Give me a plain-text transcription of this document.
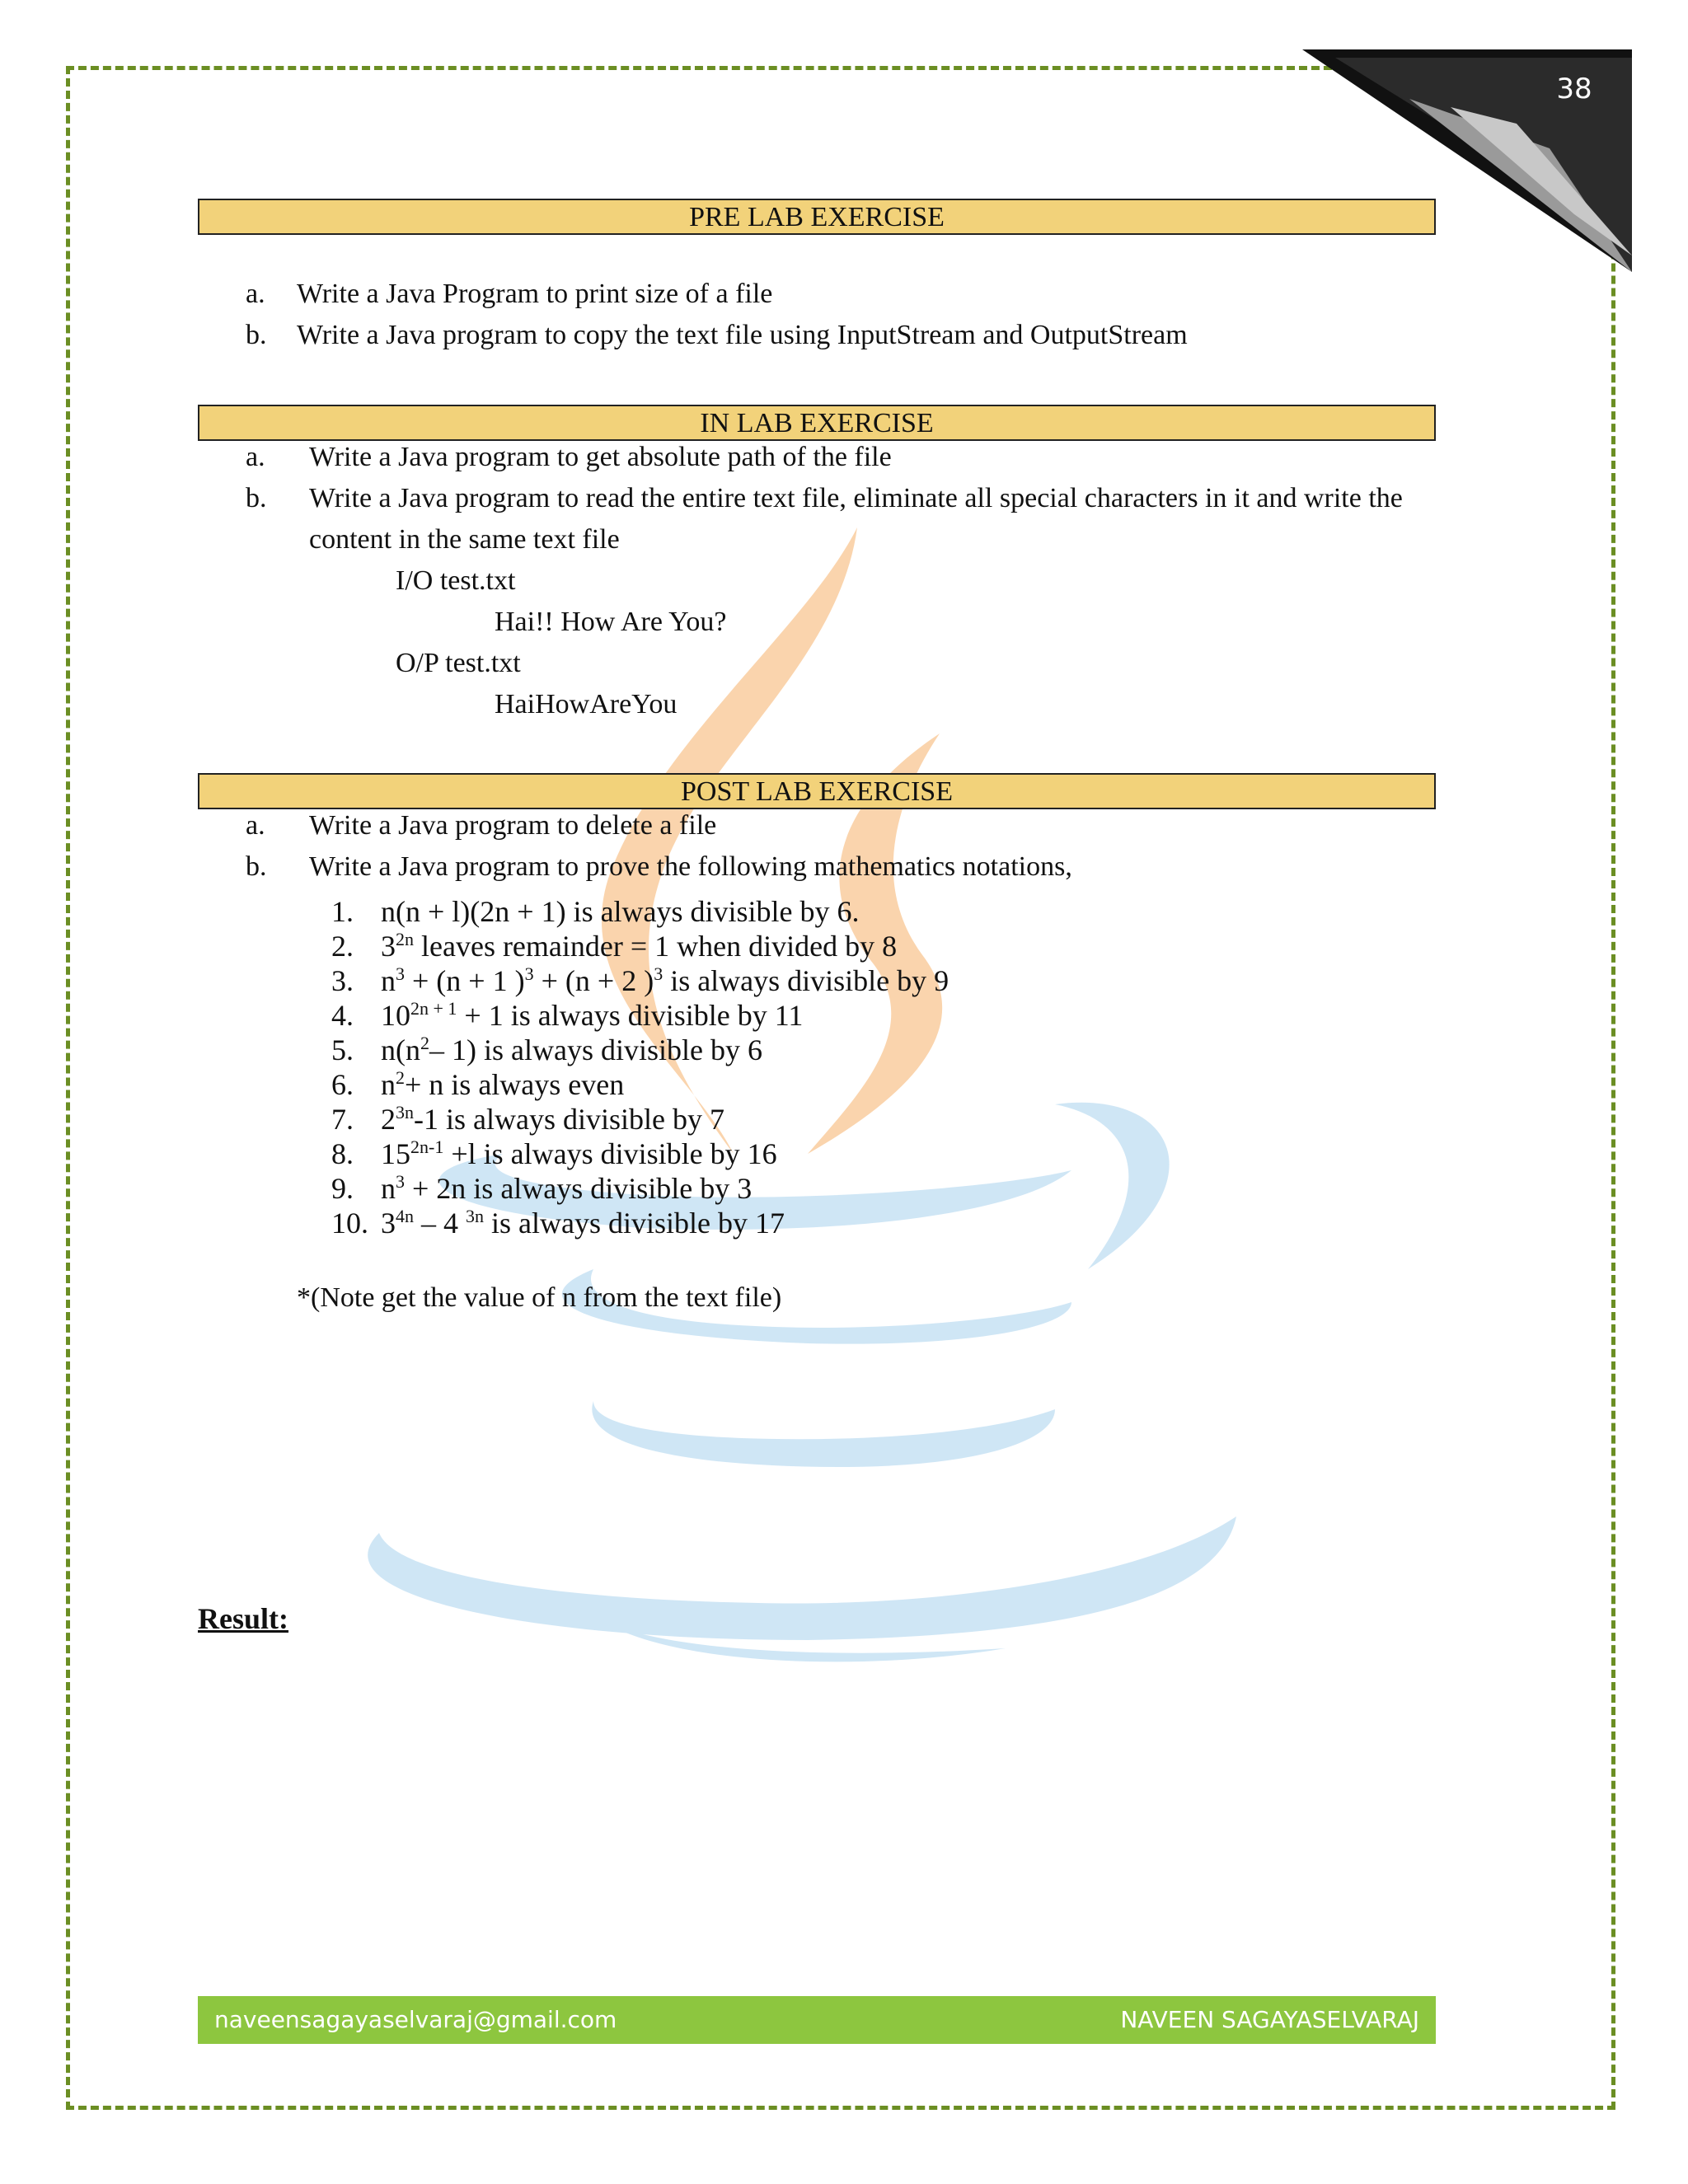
38
PRE LAB EXERCISE
a. Write a Java Program to print size of a file
b. Write a Java program to copy the text file using InputStream and OutputStream
IN LAB EXERCISE
a. Write a Java program to get absolute path of the file
b. Write a Java program to read the entire text file, eliminate all special characters in it and write the
content in the same text file
I/O test.txt
Hai!! How Are You?
O/P test.txt
HaiHowAreYou
POST LAB EXERCISE
a. Write a Java program to delete a file
b. Write a Java program to prove the following mathematics notations,
1. n(n + l)(2n + 1) is always divisible by 6.
2. $3^{2n}$ leaves remainder = 1 when divided by 8
3. $n^3 + (n + 1$ )$^3$ + (n + 2 )$^3$ is always divisible by 9
4. $10^{2n + 1} + 1$ is always divisible by 11
5. $n(n^2-$ 1) is always divisible by 6
6. $n^2+ n$ is always even
7. $2^{3n}-1$ is always divisible by 7
8. $15^{2n-1} +l$ is always divisible by 16
9. $n^3 + 2n$ is always divisible by 3
10. $3^{4n} - 4$ $^{3n}$ is always divisible by 17
*(Note get the value of n from the text file)
Result:
naveensagayaselvaraj@gmail.com	NAVEEN SAGAYASELVARAJ
